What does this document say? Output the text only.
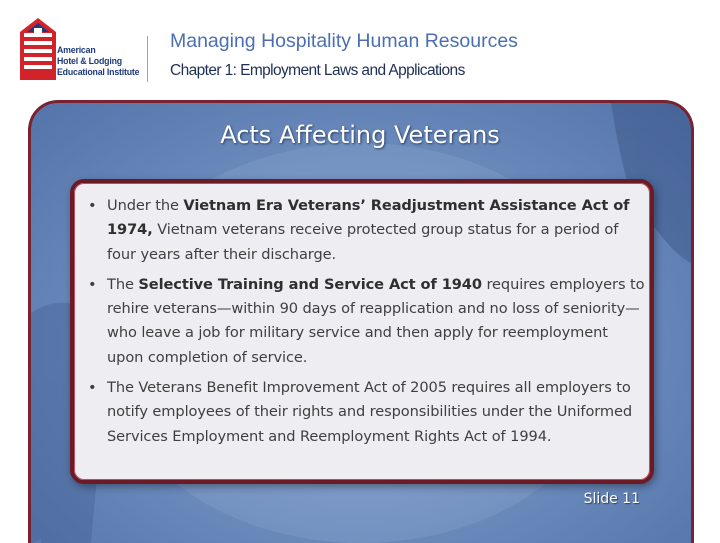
American
Hotel & Lodging
Educational Institute
Managing Hospitality Human Resources
Chapter 1: Employment Laws and Applications
Acts Affecting Veterans
• Under the Vietnam Era Veterans’ Readjustment Assistance Act of 1974, Vietnam veterans receive protected group status for a period of four years after their discharge.
• The Selective Training and Service Act of 1940 requires employers to rehire veterans—within 90 days of reapplication and no loss of seniority—who leave a job for military service and then apply for reemployment upon completion of service.
• The Veterans Benefit Improvement Act of 2005 requires all employers to notify employees of their rights and responsibilities under the Uniformed Services Employment and Reemployment Rights Act of 1994.
Slide 11
